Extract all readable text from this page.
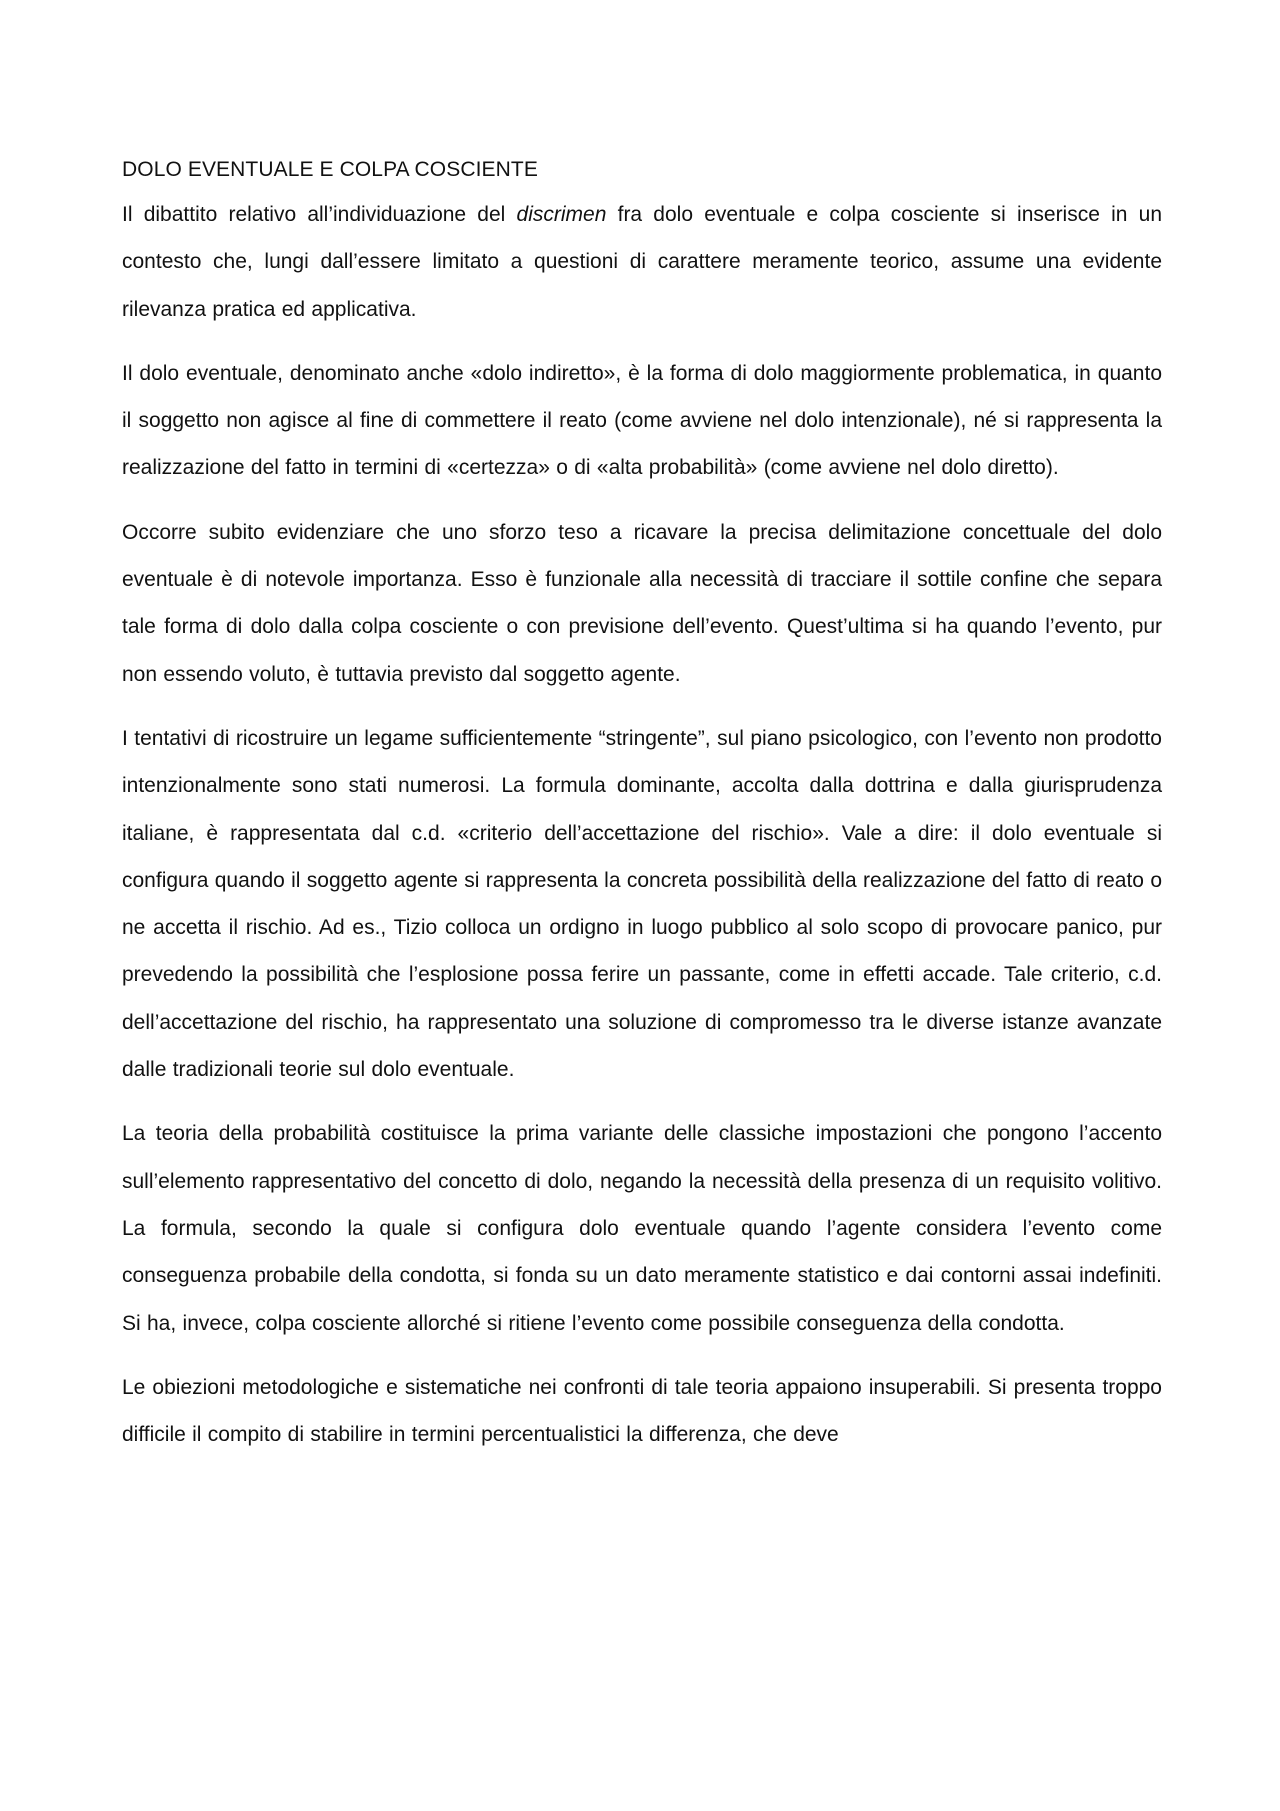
DOLO EVENTUALE E COLPA COSCIENTE

Il dibattito relativo all’individuazione del discrimen fra dolo eventuale e colpa cosciente si inserisce in un contesto che, lungi dall’essere limitato a questioni di carattere meramente teorico, assume una evidente rilevanza pratica ed applicativa.

Il dolo eventuale, denominato anche «dolo indiretto», è la forma di dolo maggiormente problematica, in quanto il soggetto non agisce al fine di commettere il reato (come avviene nel dolo intenzionale), né si rappresenta la realizzazione del fatto in termini di «certezza» o di «alta probabilità» (come avviene nel dolo diretto).

Occorre subito evidenziare che uno sforzo teso a ricavare la precisa delimitazione concettuale del dolo eventuale è di notevole importanza. Esso è funzionale alla necessità di tracciare il sottile confine che separa tale forma di dolo dalla colpa cosciente o con previsione dell’evento. Quest’ultima si ha quando l’evento, pur non essendo voluto, è tuttavia previsto dal soggetto agente.

I tentativi di ricostruire un legame sufficientemente “stringente”, sul piano psicologico, con l’evento non prodotto intenzionalmente sono stati numerosi. La formula dominante, accolta dalla dottrina e dalla giurisprudenza italiane, è rappresentata dal c.d. «criterio dell’accettazione del rischio». Vale a dire: il dolo eventuale si configura quando il soggetto agente si rappresenta la concreta possibilità della realizzazione del fatto di reato o ne accetta il rischio. Ad es., Tizio colloca un ordigno in luogo pubblico al solo scopo di provocare panico, pur prevedendo la possibilità che l’esplosione possa ferire un passante, come in effetti accade. Tale criterio, c.d. dell’accettazione del rischio, ha rappresentato una soluzione di compromesso tra le diverse istanze avanzate dalle tradizionali teorie sul dolo eventuale.

La teoria della probabilità costituisce la prima variante delle classiche impostazioni che pongono l’accento sull’elemento rappresentativo del concetto di dolo, negando la necessità della presenza di un requisito volitivo. La formula, secondo la quale si configura dolo eventuale quando l’agente considera l’evento come conseguenza probabile della condotta, si fonda su un dato meramente statistico e dai contorni assai indefiniti. Si ha, invece, colpa cosciente allorché si ritiene l’evento come possibile conseguenza della condotta.

Le obiezioni metodologiche e sistematiche nei confronti di tale teoria appaiono insuperabili. Si presenta troppo difficile il compito di stabilire in termini percentualistici la differenza, che deve
